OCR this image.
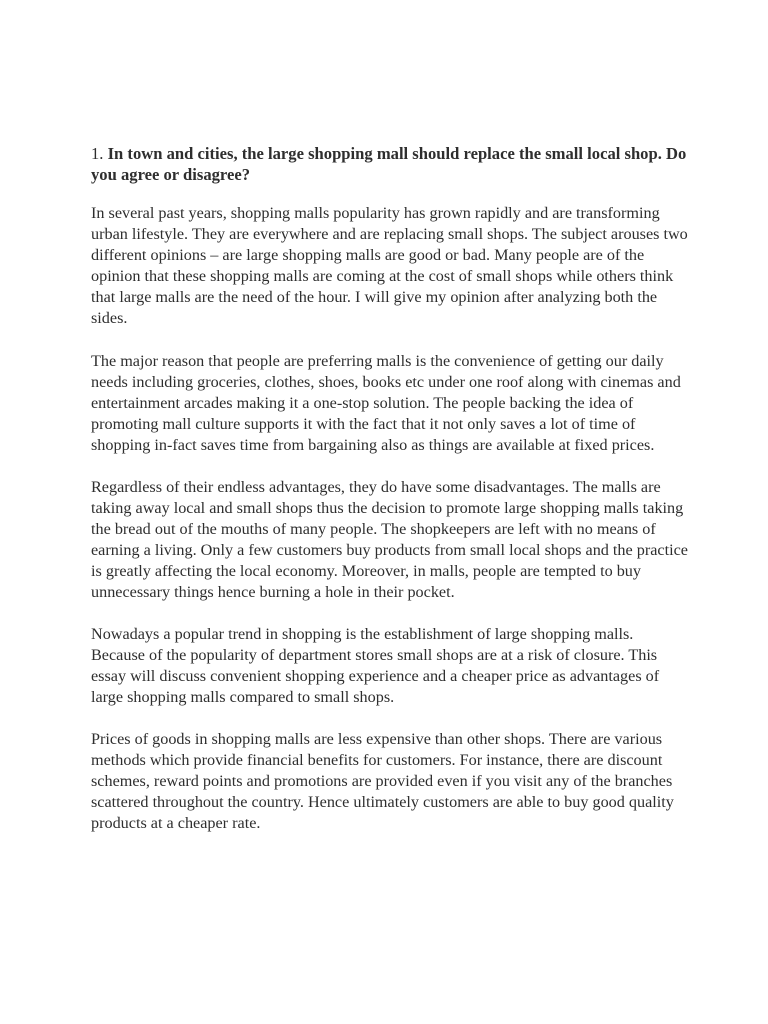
1. In town and cities, the large shopping mall should replace the small local shop. Do you agree or disagree?

In several past years, shopping malls popularity has grown rapidly and are transforming urban lifestyle. They are everywhere and are replacing small shops. The subject arouses two different opinions – are large shopping malls are good or bad. Many people are of the opinion that these shopping malls are coming at the cost of small shops while others think that large malls are the need of the hour. I will give my opinion after analyzing both the sides.

The major reason that people are preferring malls is the convenience of getting our daily needs including groceries, clothes, shoes, books etc under one roof along with cinemas and entertainment arcades making it a one-stop solution. The people backing the idea of promoting mall culture supports it with the fact that it not only saves a lot of time of shopping in-fact saves time from bargaining also as things are available at fixed prices.

Regardless of their endless advantages, they do have some disadvantages. The malls are taking away local and small shops thus the decision to promote large shopping malls taking the bread out of the mouths of many people. The shopkeepers are left with no means of earning a living. Only a few customers buy products from small local shops and the practice is greatly affecting the local economy. Moreover, in malls, people are tempted to buy unnecessary things hence burning a hole in their pocket.

Nowadays a popular trend in shopping is the establishment of large shopping malls. Because of the popularity of department stores small shops are at a risk of closure. This essay will discuss convenient shopping experience and a cheaper price as advantages of large shopping malls compared to small shops.

Prices of goods in shopping malls are less expensive than other shops. There are various methods which provide financial benefits for customers. For instance, there are discount schemes, reward points and promotions are provided even if you visit any of the branches scattered throughout the country. Hence ultimately customers are able to buy good quality products at a cheaper rate.
